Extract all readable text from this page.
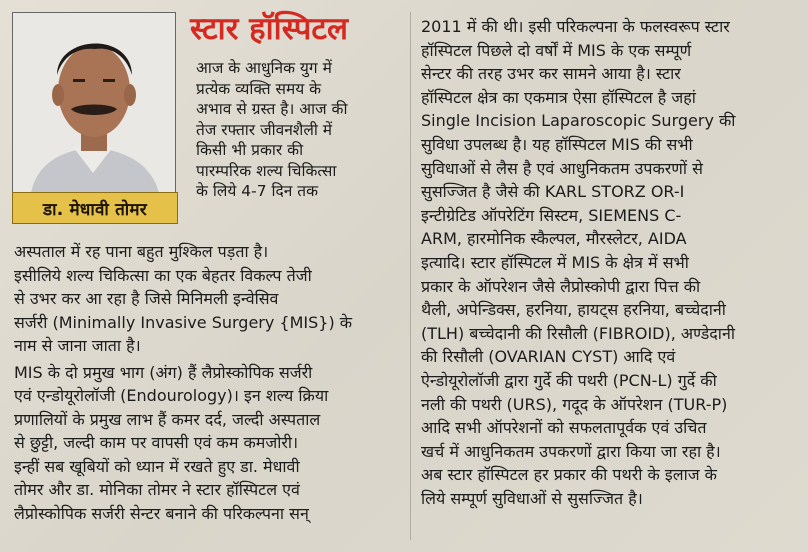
डा. मेधावी तोमर
स्टार हॉस्पिटल
आज के आधुनिक युग में
प्रत्येक व्यक्ति समय के
अभाव से ग्रस्त है। आज की
तेज रफ्तार जीवनशैली में
किसी भी प्रकार की
पारम्परिक शल्य चिकित्सा
के लिये 4-7 दिन तक
अस्पताल में रह पाना बहुत मुश्किल पड़ता है।
इसीलिये शल्य चिकित्सा का एक बेहतर विकल्प तेजी
से उभर कर आ रहा है जिसे मिनिमली इन्वेसिव
सर्जरी (Minimally Invasive Surgery {MIS}) के
नाम से जाना जाता है।
MIS के दो प्रमुख भाग (अंग) हैं लैप्रोस्कोपिक सर्जरी
एवं एन्डोयूरोलॉजी (Endourology)। इन शल्य क्रिया
प्रणालियों के प्रमुख लाभ हैं कमर दर्द, जल्दी अस्पताल
से छुट्टी, जल्दी काम पर वापसी एवं कम कमजोरी।
इन्हीं सब खूबियों को ध्यान में रखते हुए डा. मेधावी
तोमर और डा. मोनिका तोमर ने स्टार हॉस्पिटल एवं
लैप्रोस्कोपिक सर्जरी सेन्टर बनाने की परिकल्पना सन्
2011 में की थी। इसी परिकल्पना के फलस्वरूप स्टार
हॉस्पिटल पिछले दो वर्षों में MIS के एक सम्पूर्ण
सेन्टर की तरह उभर कर सामने आया है। स्टार
हॉस्पिटल क्षेत्र का एकमात्र ऐसा हॉस्पिटल है जहां
Single Incision Laparoscopic Surgery की
सुविधा उपलब्ध है। यह हॉस्पिटल MIS की सभी
सुविधाओं से लैस है एवं आधुनिकतम उपकरणों से
सुसज्जित है जैसे की KARL STORZ OR-I
इन्टीग्रेटिड ऑपरेटिंग सिस्टम, SIEMENS C-
ARM, हारमोनिक स्कैल्पल, मौरस्लेटर, AIDA
इत्यादि। स्टार हॉस्पिटल में MIS के क्षेत्र में सभी
प्रकार के ऑपरेशन जैसे लैप्रोस्कोपी द्वारा पित्त की
थैली, अपेन्डिक्स, हरनिया, हायट्स हरनिया, बच्चेदानी
(TLH) बच्चेदानी की रिसौली (FIBROID), अण्डेदानी
की रिसौली (OVARIAN CYST) आदि एवं
ऐन्डोयूरोलॉजी द्वारा गुर्दे की पथरी (PCN-L) गुर्दे की
नली की पथरी (URS), गदूद के ऑपरेशन (TUR-P)
आदि सभी ऑपरेशनों को सफलतापूर्वक एवं उचित
खर्च में आधुनिकतम उपकरणों द्वारा किया जा रहा है।
अब स्टार हॉस्पिटल हर प्रकार की पथरी के इलाज के
लिये सम्पूर्ण सुविधाओं से सुसज्जित है।
